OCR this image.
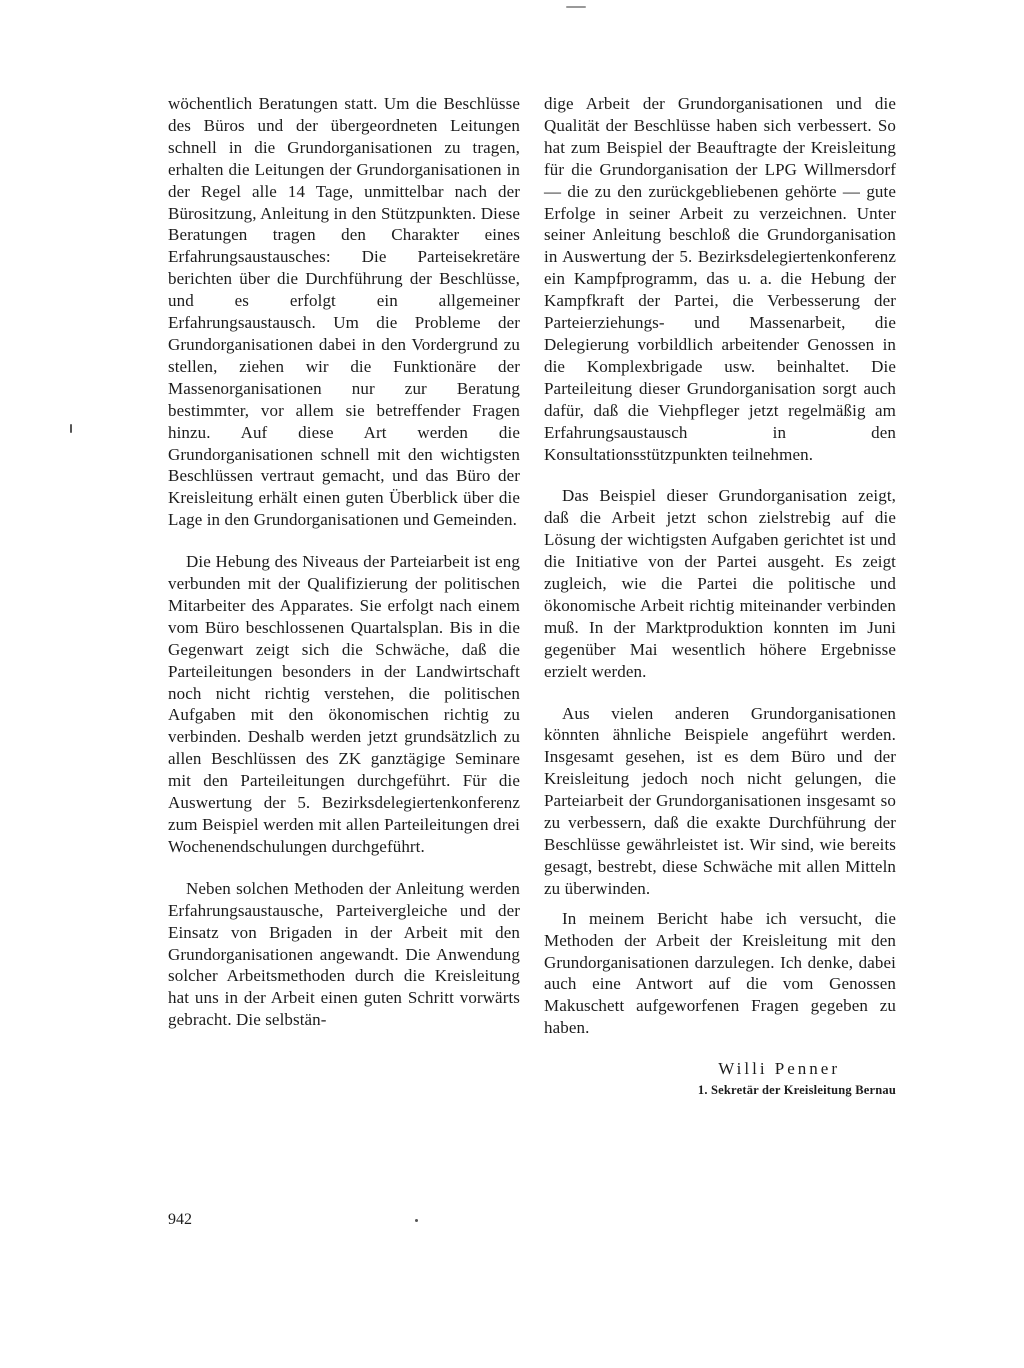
wöchentlich Beratungen statt. Um die Beschlüsse des Büros und der übergeordneten Leitungen schnell in die Grundorganisationen zu tragen, erhalten die Leitungen der Grundorganisationen in der Regel alle 14 Tage, unmittelbar nach der Bürositzung, Anleitung in den Stützpunkten. Diese Beratungen tragen den Charakter eines Erfahrungsaustausches: Die Parteisekretäre berichten über die Durchführung der Beschlüsse, und es erfolgt ein allgemeiner Erfahrungsaustausch. Um die Probleme der Grundorganisationen dabei in den Vordergrund zu stellen, ziehen wir die Funktionäre der Massenorganisationen nur zur Beratung bestimmter, vor allem sie betreffender Fragen hinzu. Auf diese Art werden die Grundorganisationen schnell mit den wichtigsten Beschlüssen vertraut gemacht, und das Büro der Kreisleitung erhält einen guten Überblick über die Lage in den Grundorganisationen und Gemeinden.

Die Hebung des Niveaus der Parteiarbeit ist eng verbunden mit der Qualifizierung der politischen Mitarbeiter des Apparates. Sie erfolgt nach einem vom Büro beschlossenen Quartalsplan. Bis in die Gegenwart zeigt sich die Schwäche, daß die Parteileitungen besonders in der Landwirtschaft noch nicht richtig verstehen, die politischen Aufgaben mit den ökonomischen richtig zu verbinden. Deshalb werden jetzt grundsätzlich zu allen Beschlüssen des ZK ganztägige Seminare mit den Parteileitungen durchgeführt. Für die Auswertung der 5. Bezirksdelegiertenkonferenz zum Beispiel werden mit allen Parteileitungen drei Wochenendschulungen durchgeführt.

Neben solchen Methoden der Anleitung werden Erfahrungsaustausche, Parteivergleiche und der Einsatz von Brigaden in der Arbeit mit den Grundorganisationen angewandt. Die Anwendung solcher Arbeitsmethoden durch die Kreisleitung hat uns in der Arbeit einen guten Schritt vorwärts gebracht. Die selbstän-

dige Arbeit der Grundorganisationen und die Qualität der Beschlüsse haben sich verbessert. So hat zum Beispiel der Beauftragte der Kreisleitung für die Grundorganisation der LPG Willmersdorf — die zu den zurückgebliebenen gehörte — gute Erfolge in seiner Arbeit zu verzeichnen. Unter seiner Anleitung beschloß die Grundorganisation in Auswertung der 5. Bezirksdelegiertenkonferenz ein Kampfprogramm, das u. a. die Hebung der Kampfkraft der Partei, die Verbesserung der Parteierziehungs- und Massenarbeit, die Delegierung vorbildlich arbeitender Genossen in die Komplexbrigade usw. beinhaltet. Die Parteileitung dieser Grundorganisation sorgt auch dafür, daß die Viehpfleger jetzt regelmäßig am Erfahrungsaustausch in den Konsultationsstützpunkten teilnehmen.

Das Beispiel dieser Grundorganisation zeigt, daß die Arbeit jetzt schon zielstrebig auf die Lösung der wichtigsten Aufgaben gerichtet ist und die Initiative von der Partei ausgeht. Es zeigt zugleich, wie die Partei die politische und ökonomische Arbeit richtig miteinander verbinden muß. In der Marktproduktion konnten im Juni gegenüber Mai wesentlich höhere Ergebnisse erzielt werden.

Aus vielen anderen Grundorganisationen könnten ähnliche Beispiele angeführt werden. Insgesamt gesehen, ist es dem Büro und der Kreisleitung jedoch noch nicht gelungen, die Parteiarbeit der Grundorganisationen insgesamt so zu verbessern, daß die exakte Durchführung der Beschlüsse gewährleistet ist. Wir sind, wie bereits gesagt, bestrebt, diese Schwäche mit allen Mitteln zu überwinden.

In meinem Bericht habe ich versucht, die Methoden der Arbeit der Kreisleitung mit den Grundorganisationen darzulegen. Ich denke, dabei auch eine Antwort auf die vom Genossen Makuschett aufgeworfenen Fragen gegeben zu haben.

Willi Penner

1. Sekretär der Kreisleitung Bernau

942
